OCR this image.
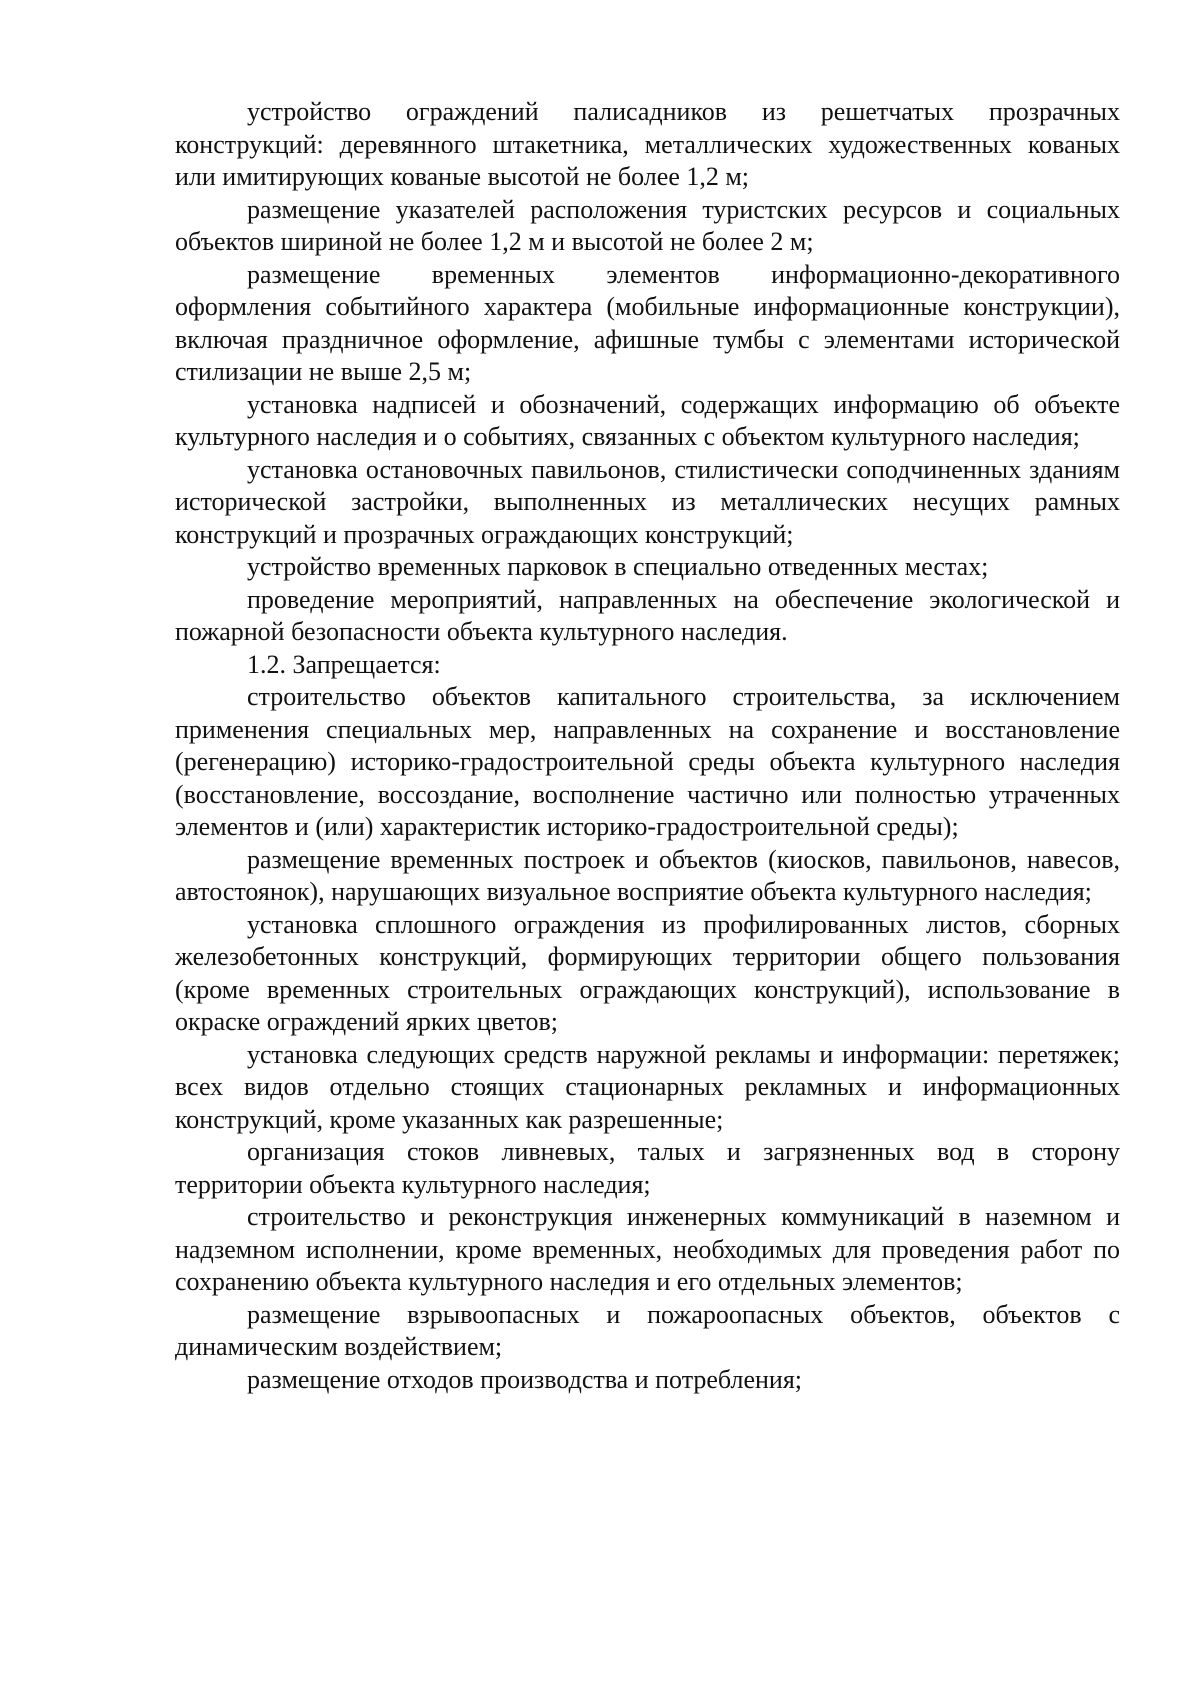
устройство ограждений палисадников из решетчатых прозрачных конструкций: деревянного штакетника, металлических художественных кованых или имитирующих кованые высотой не более 1,2 м;

размещение указателей расположения туристских ресурсов и социальных объектов шириной не более 1,2 м и высотой не более 2 м;

размещение временных элементов информационно-декоративного оформления событийного характера (мобильные информационные конструкции), включая праздничное оформление, афишные тумбы с элементами исторической стилизации не выше 2,5 м;

установка надписей и обозначений, содержащих информацию об объекте культурного наследия и о событиях, связанных с объектом культурного наследия;

установка остановочных павильонов, стилистически соподчиненных зданиям исторической застройки, выполненных из металлических несущих рамных конструкций и прозрачных ограждающих конструкций;

устройство временных парковок в специально отведенных местах;

проведение мероприятий, направленных на обеспечение экологической и пожарной безопасности объекта культурного наследия.

1.2. Запрещается:

строительство объектов капитального строительства, за исключением применения специальных мер, направленных на сохранение и восстановление (регенерацию) историко-градостроительной среды объекта культурного наследия (восстановление, воссоздание, восполнение частично или полностью утраченных элементов и (или) характеристик историко-градостроительной среды);

размещение временных построек и объектов (киосков, павильонов, навесов, автостоянок), нарушающих визуальное восприятие объекта культурного наследия;

установка сплошного ограждения из профилированных листов, сборных железобетонных конструкций, формирующих территории общего пользования (кроме временных строительных ограждающих конструкций), использование в окраске ограждений ярких цветов;

установка следующих средств наружной рекламы и информации: перетяжек; всех видов отдельно стоящих стационарных рекламных и информационных конструкций, кроме указанных как разрешенные;

организация стоков ливневых, талых и загрязненных вод в сторону территории объекта культурного наследия;

строительство и реконструкция инженерных коммуникаций в наземном и надземном исполнении, кроме временных, необходимых для проведения работ по сохранению объекта культурного наследия и его отдельных элементов;

размещение взрывоопасных и пожароопасных объектов, объектов с динамическим воздействием;

размещение отходов производства и потребления;
